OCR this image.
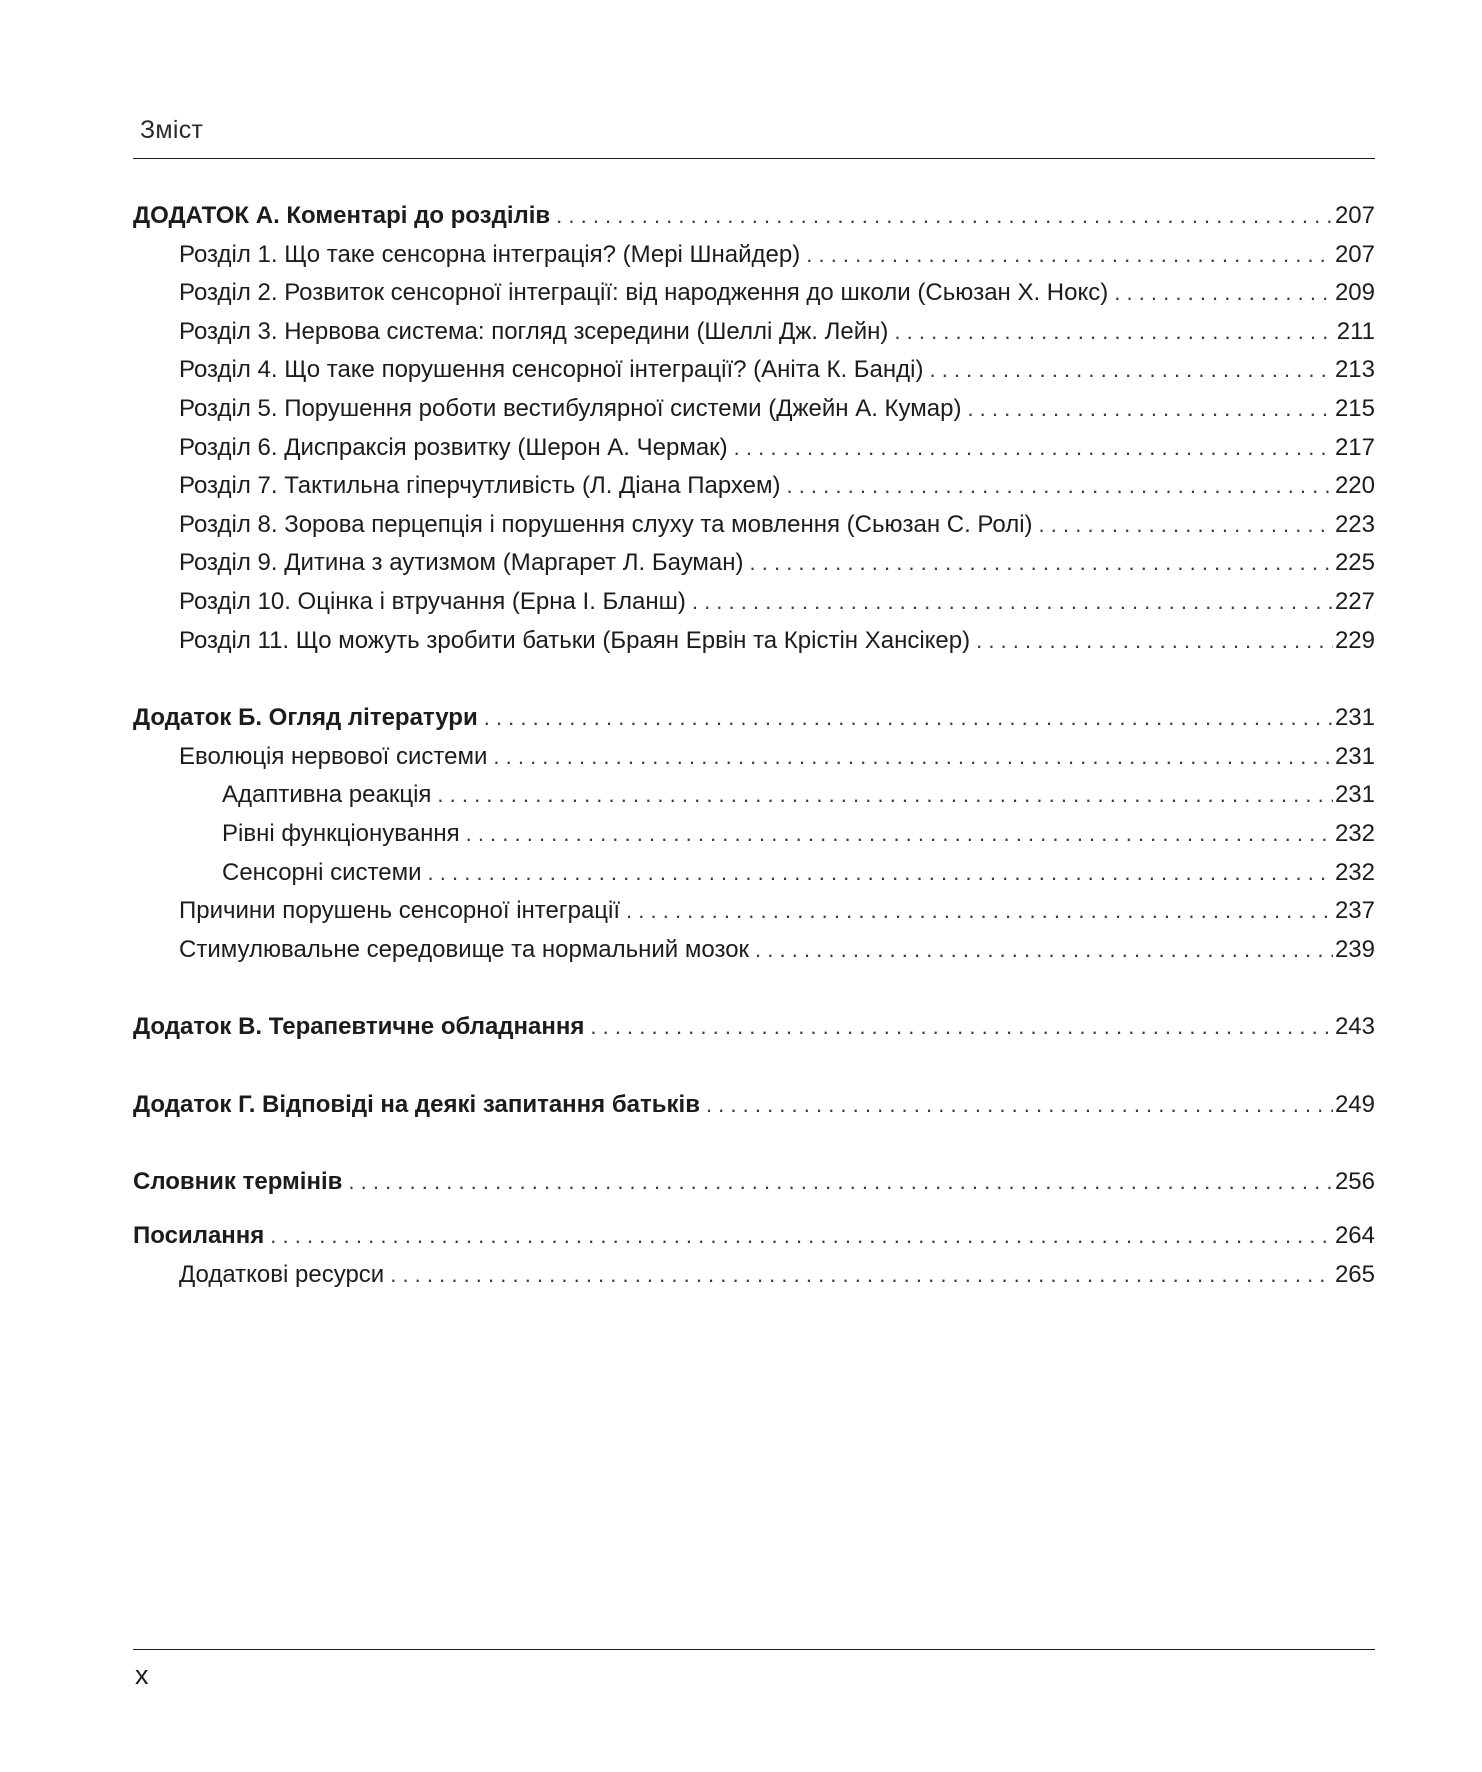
Зміст
ДОДАТОК А. Коментарі до розділів . . .	207
Розділ 1. Що таке сенсорна інтеграція? (Мері Шнайдер) . . .	207
Розділ 2. Розвиток сенсорної інтеграції: від народження до школи (Сьюзан Х. Нокс) . . .	209
Розділ 3. Нервова система: погляд зсередини (Шеллі Дж. Лейн) . . .	211
Розділ 4. Що таке порушення сенсорної інтеграції? (Аніта К. Банді) . . .	213
Розділ 5. Порушення роботи вестибулярної системи (Джейн А. Кумар) . . .	215
Розділ 6. Диспраксія розвитку (Шерон А. Чермак) . . .	217
Розділ 7. Тактильна гіперчутливість (Л. Діана Пархем) . . .	220
Розділ 8. Зорова перцепція і порушення слуху та мовлення (Сьюзан С. Ролі) . . .	223
Розділ 9. Дитина з аутизмом (Маргарет Л. Бауман) . . .	225
Розділ 10. Оцінка і втручання (Ерна І. Бланш) . . .	227
Розділ 11. Що можуть зробити батьки (Браян Ервін та Крістін Хансікер) . . .	229
Додаток Б. Огляд літератури . . .	231
Еволюція нервової системи . . .	231
Адаптивна реакція . . .	231
Рівні функціонування . . .	232
Сенсорні системи . . .	232
Причини порушень сенсорної інтеграції . . .	237
Стимулювальне середовище та нормальний мозок . . .	239
Додаток В. Терапевтичне обладнання . . .	243
Додаток Г. Відповіді на деякі запитання батьків . . .	249
Словник термінів . . .	256
Посилання . . .	264
Додаткові ресурси . . .	265
x
